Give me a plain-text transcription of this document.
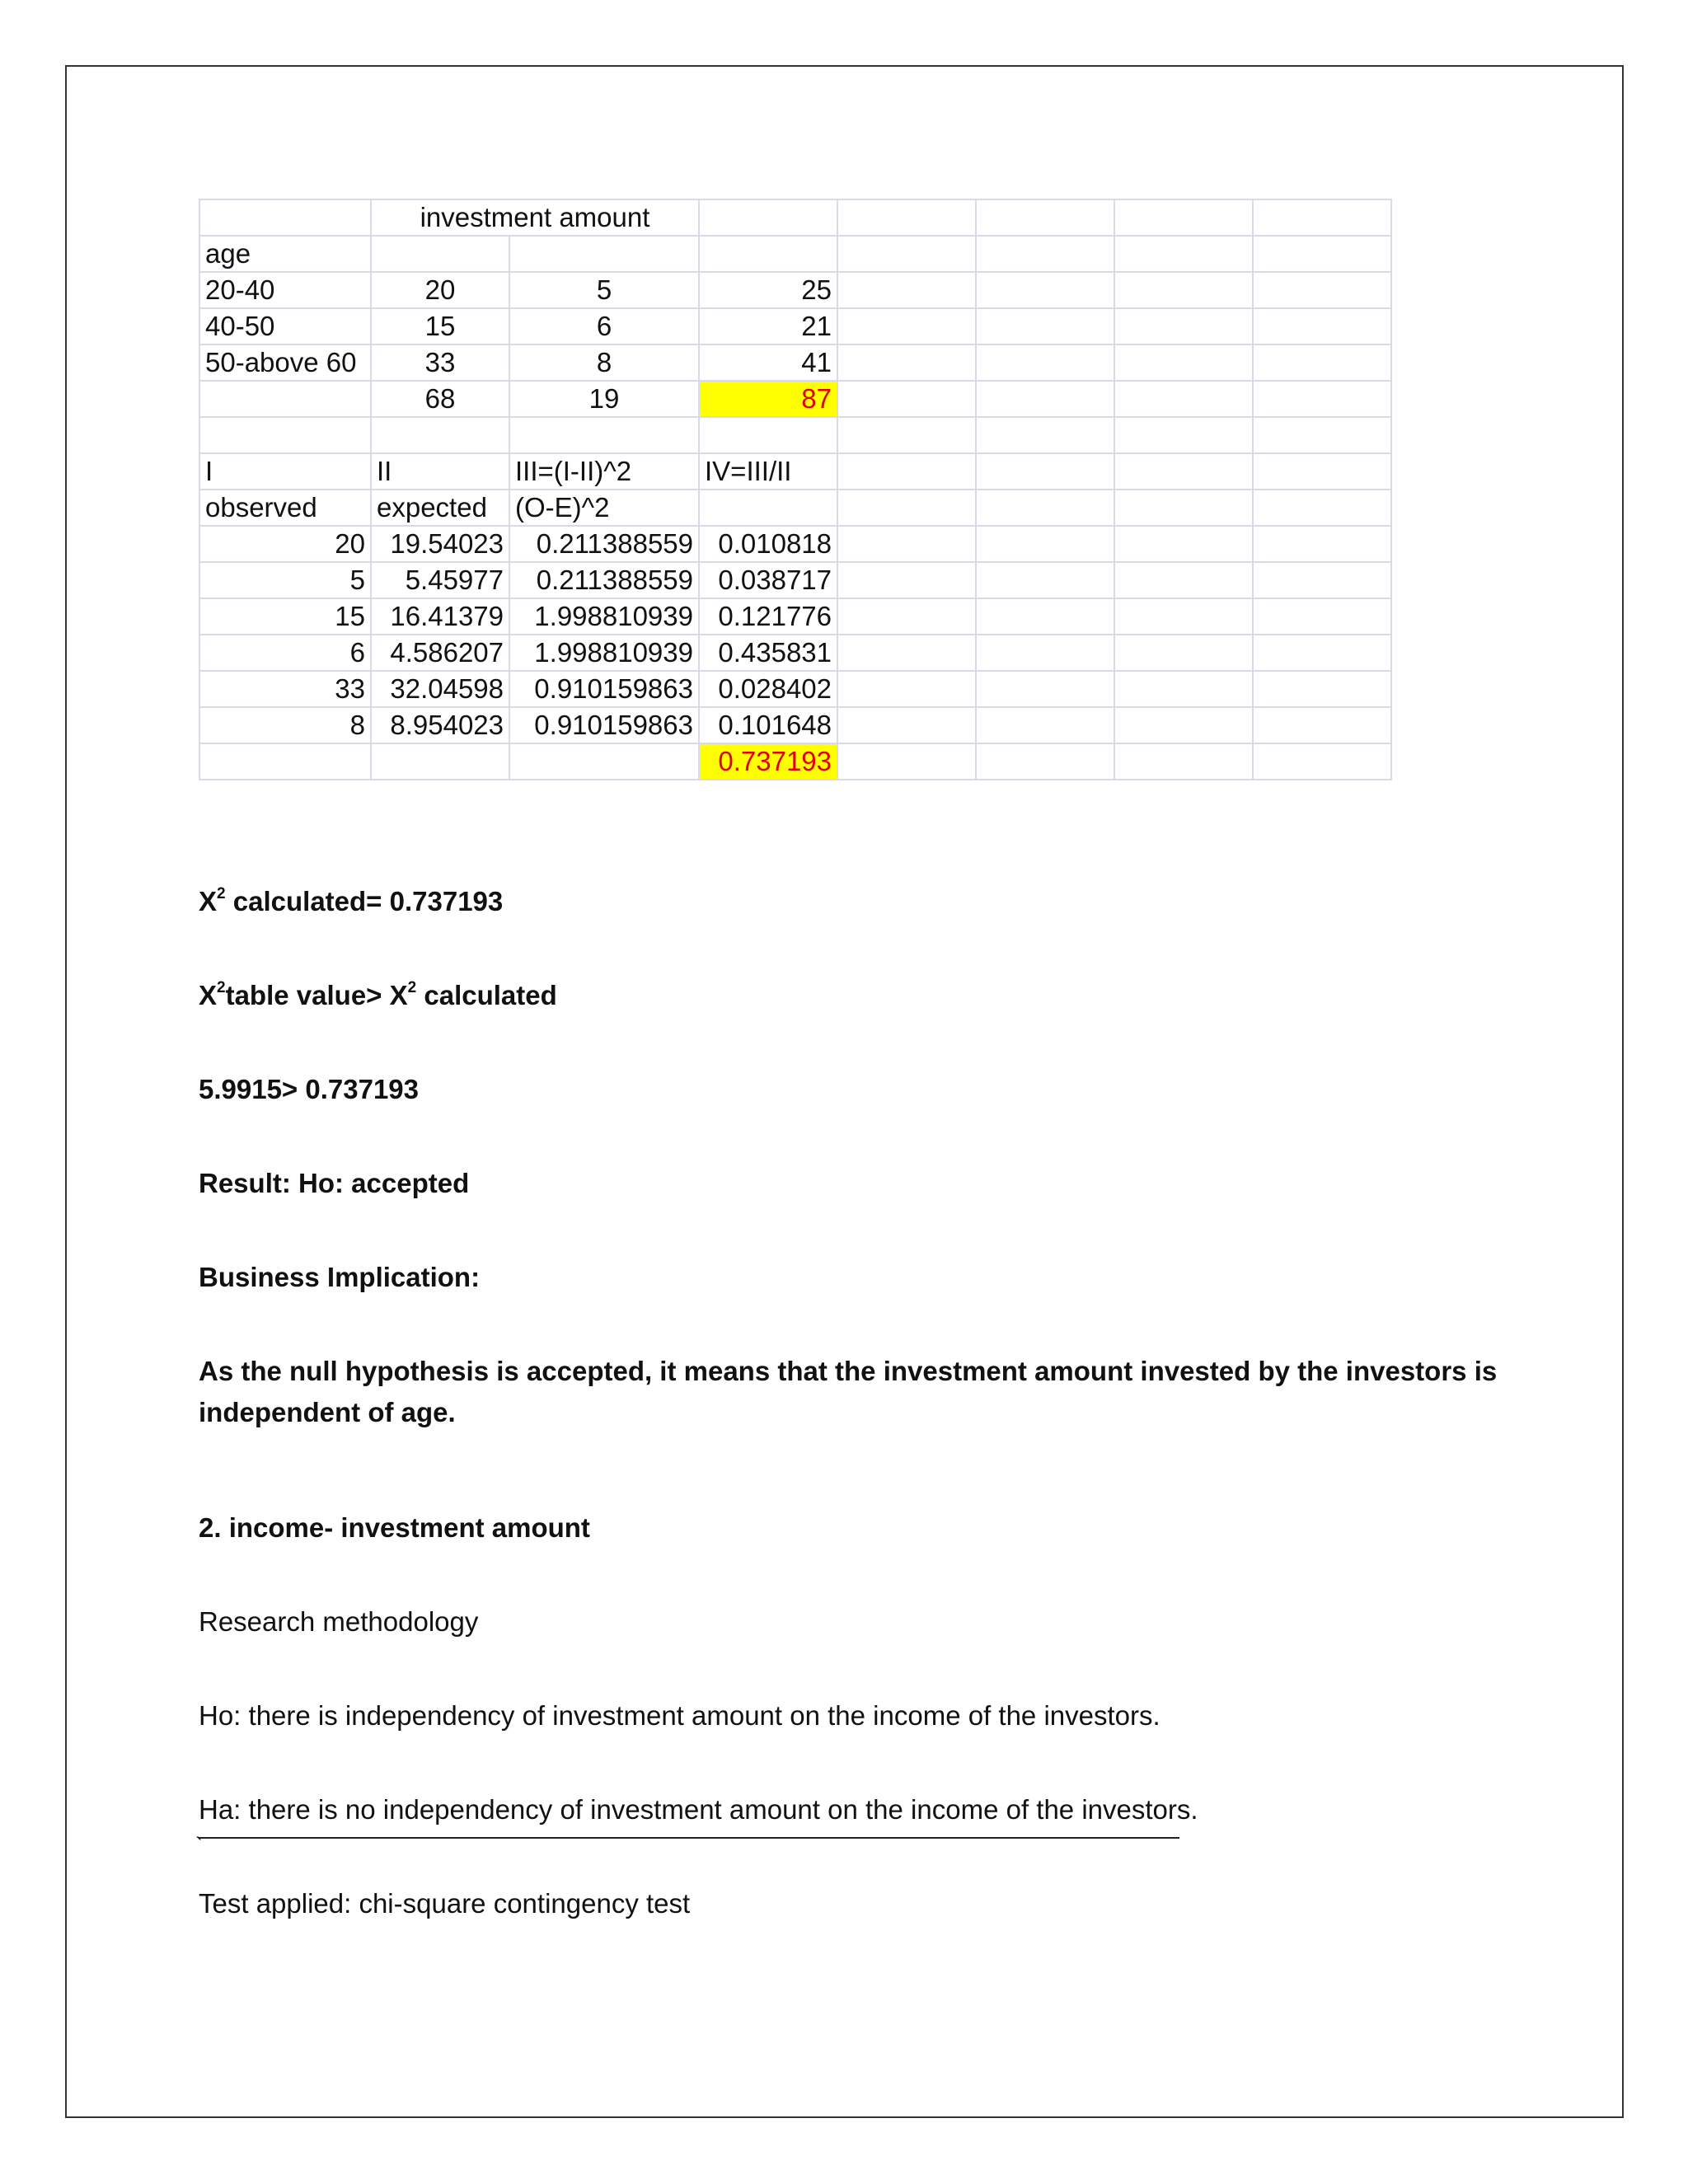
	investment amount						
age							
20-40	20	5	25				
40-50	15	6	21				
50-above 60	33	8	41				
	68	19	87				

I	II	III=(I-II)^2	IV=III/II				
observed	expected	(O-E)^2					
20	19.54023	0.211388559	0.010818				
5	5.45977	0.211388559	0.038717				
15	16.41379	1.998810939	0.121776				
6	4.586207	1.998810939	0.435831				
33	32.04598	0.910159863	0.028402				
8	8.954023	0.910159863	0.101648				
			0.737193				
$X^2$ calculated= 0.737193
$X^2table$ value> $X^2$ calculated
5.9915> 0.737193
Result: Ho: accepted
Business Implication:
As the null hypothesis is accepted, it means that the investment amount invested by the investors is independent of age.
2. income- investment amount
Research methodology
Ho: there is independency of investment amount on the income of the investors.
Ha: there is no independency of investment amount on the income of the investors.
`
Test applied: chi-square contingency test
